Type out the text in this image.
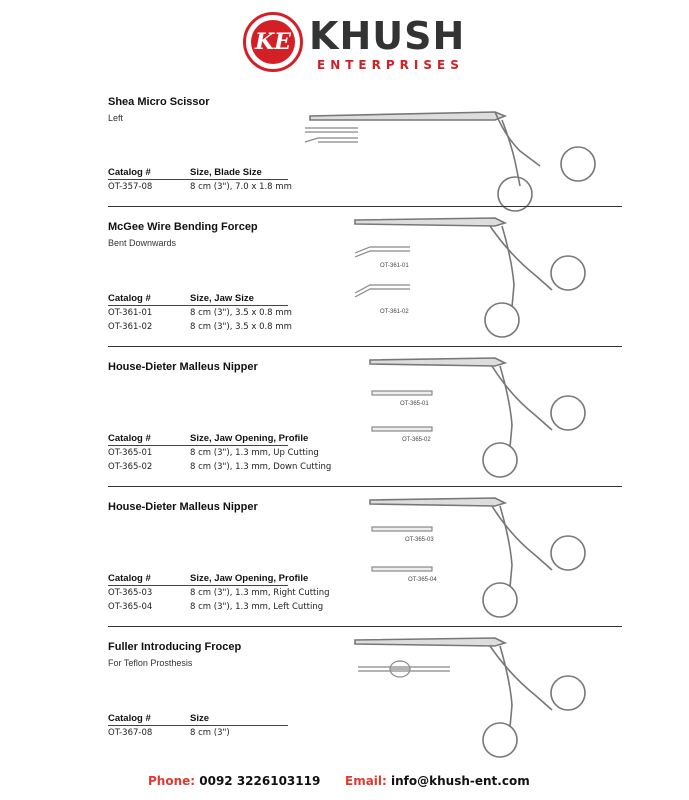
KE KHUSH
ENTERPRISES
Shea Micro Scissor
Left
Catalog #	Size, Blade Size
OT-357-08	8 cm (3"), 7.0 x 1.8 mm
McGee Wire Bending Forcep
Bent Downwards
Catalog #	Size, Jaw Size
OT-361-01	8 cm (3"), 3.5 x 0.8 mm
OT-361-02	8 cm (3"), 3.5 x 0.8 mm
OT-361-01
OT-361-02
House-Dieter Malleus Nipper
Catalog #	Size, Jaw Opening, Profile
OT-365-01	8 cm (3"), 1.3 mm, Up Cutting
OT-365-02	8 cm (3"), 1.3 mm, Down Cutting
OT-365-01
OT-365-02
House-Dieter Malleus Nipper
Catalog #	Size, Jaw Opening, Profile
OT-365-03	8 cm (3"), 1.3 mm, Right Cutting
OT-365-04	8 cm (3"), 1.3 mm, Left Cutting
OT-365-03
OT-365-04
Fuller Introducing Frocep
For Teflon Prosthesis
Catalog #	Size
OT-367-08	8 cm (3")
Phone: 0092 3226103119 Email: info@khush-ent.com
